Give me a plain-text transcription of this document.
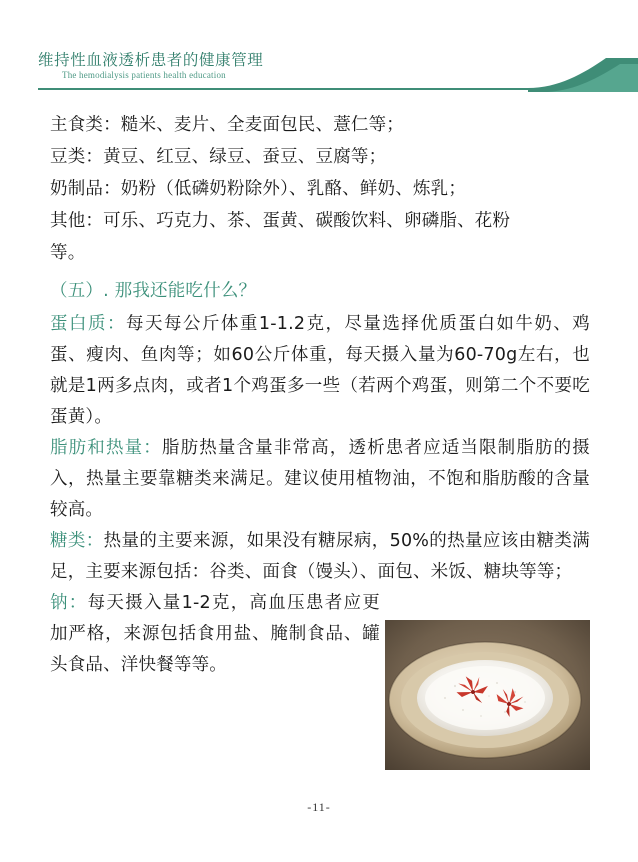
维持性血液透析患者的健康管理
The hemodialysis patients health education

主食类：糙米、麦片、全麦面包民、薏仁等；

豆类：黄豆、红豆、绿豆、蚕豆、豆腐等；

奶制品：奶粉（低磷奶粉除外）、乳酪、鲜奶、炼乳；

其他：可乐、巧克力、茶、蛋黄、碳酸饮料、卵磷脂、花粉

等。

（五）. 那我还能吃什么？

蛋白质：每天每公斤体重1-1.2克，尽量选择优质蛋白如牛奶、鸡蛋、瘦肉、鱼肉等；如60公斤体重，每天摄入量为60-70g左右，也就是1两多点肉，或者1个鸡蛋多一些（若两个鸡蛋，则第二个不要吃蛋黄）。

脂肪和热量：脂肪热量含量非常高，透析患者应适当限制脂肪的摄入，热量主要靠糖类来满足。建议使用植物油，不饱和脂肪酸的含量较高。

糖类：热量的主要来源，如果没有糖尿病，50%的热量应该由糖类满足，主要来源包括：谷类、面食（馒头）、面包、米饭、糖块等等；

钠：每天摄入量1-2克，高血压患者应更加严格，来源包括食用盐、腌制食品、罐头食品、洋快餐等等。

-11-
